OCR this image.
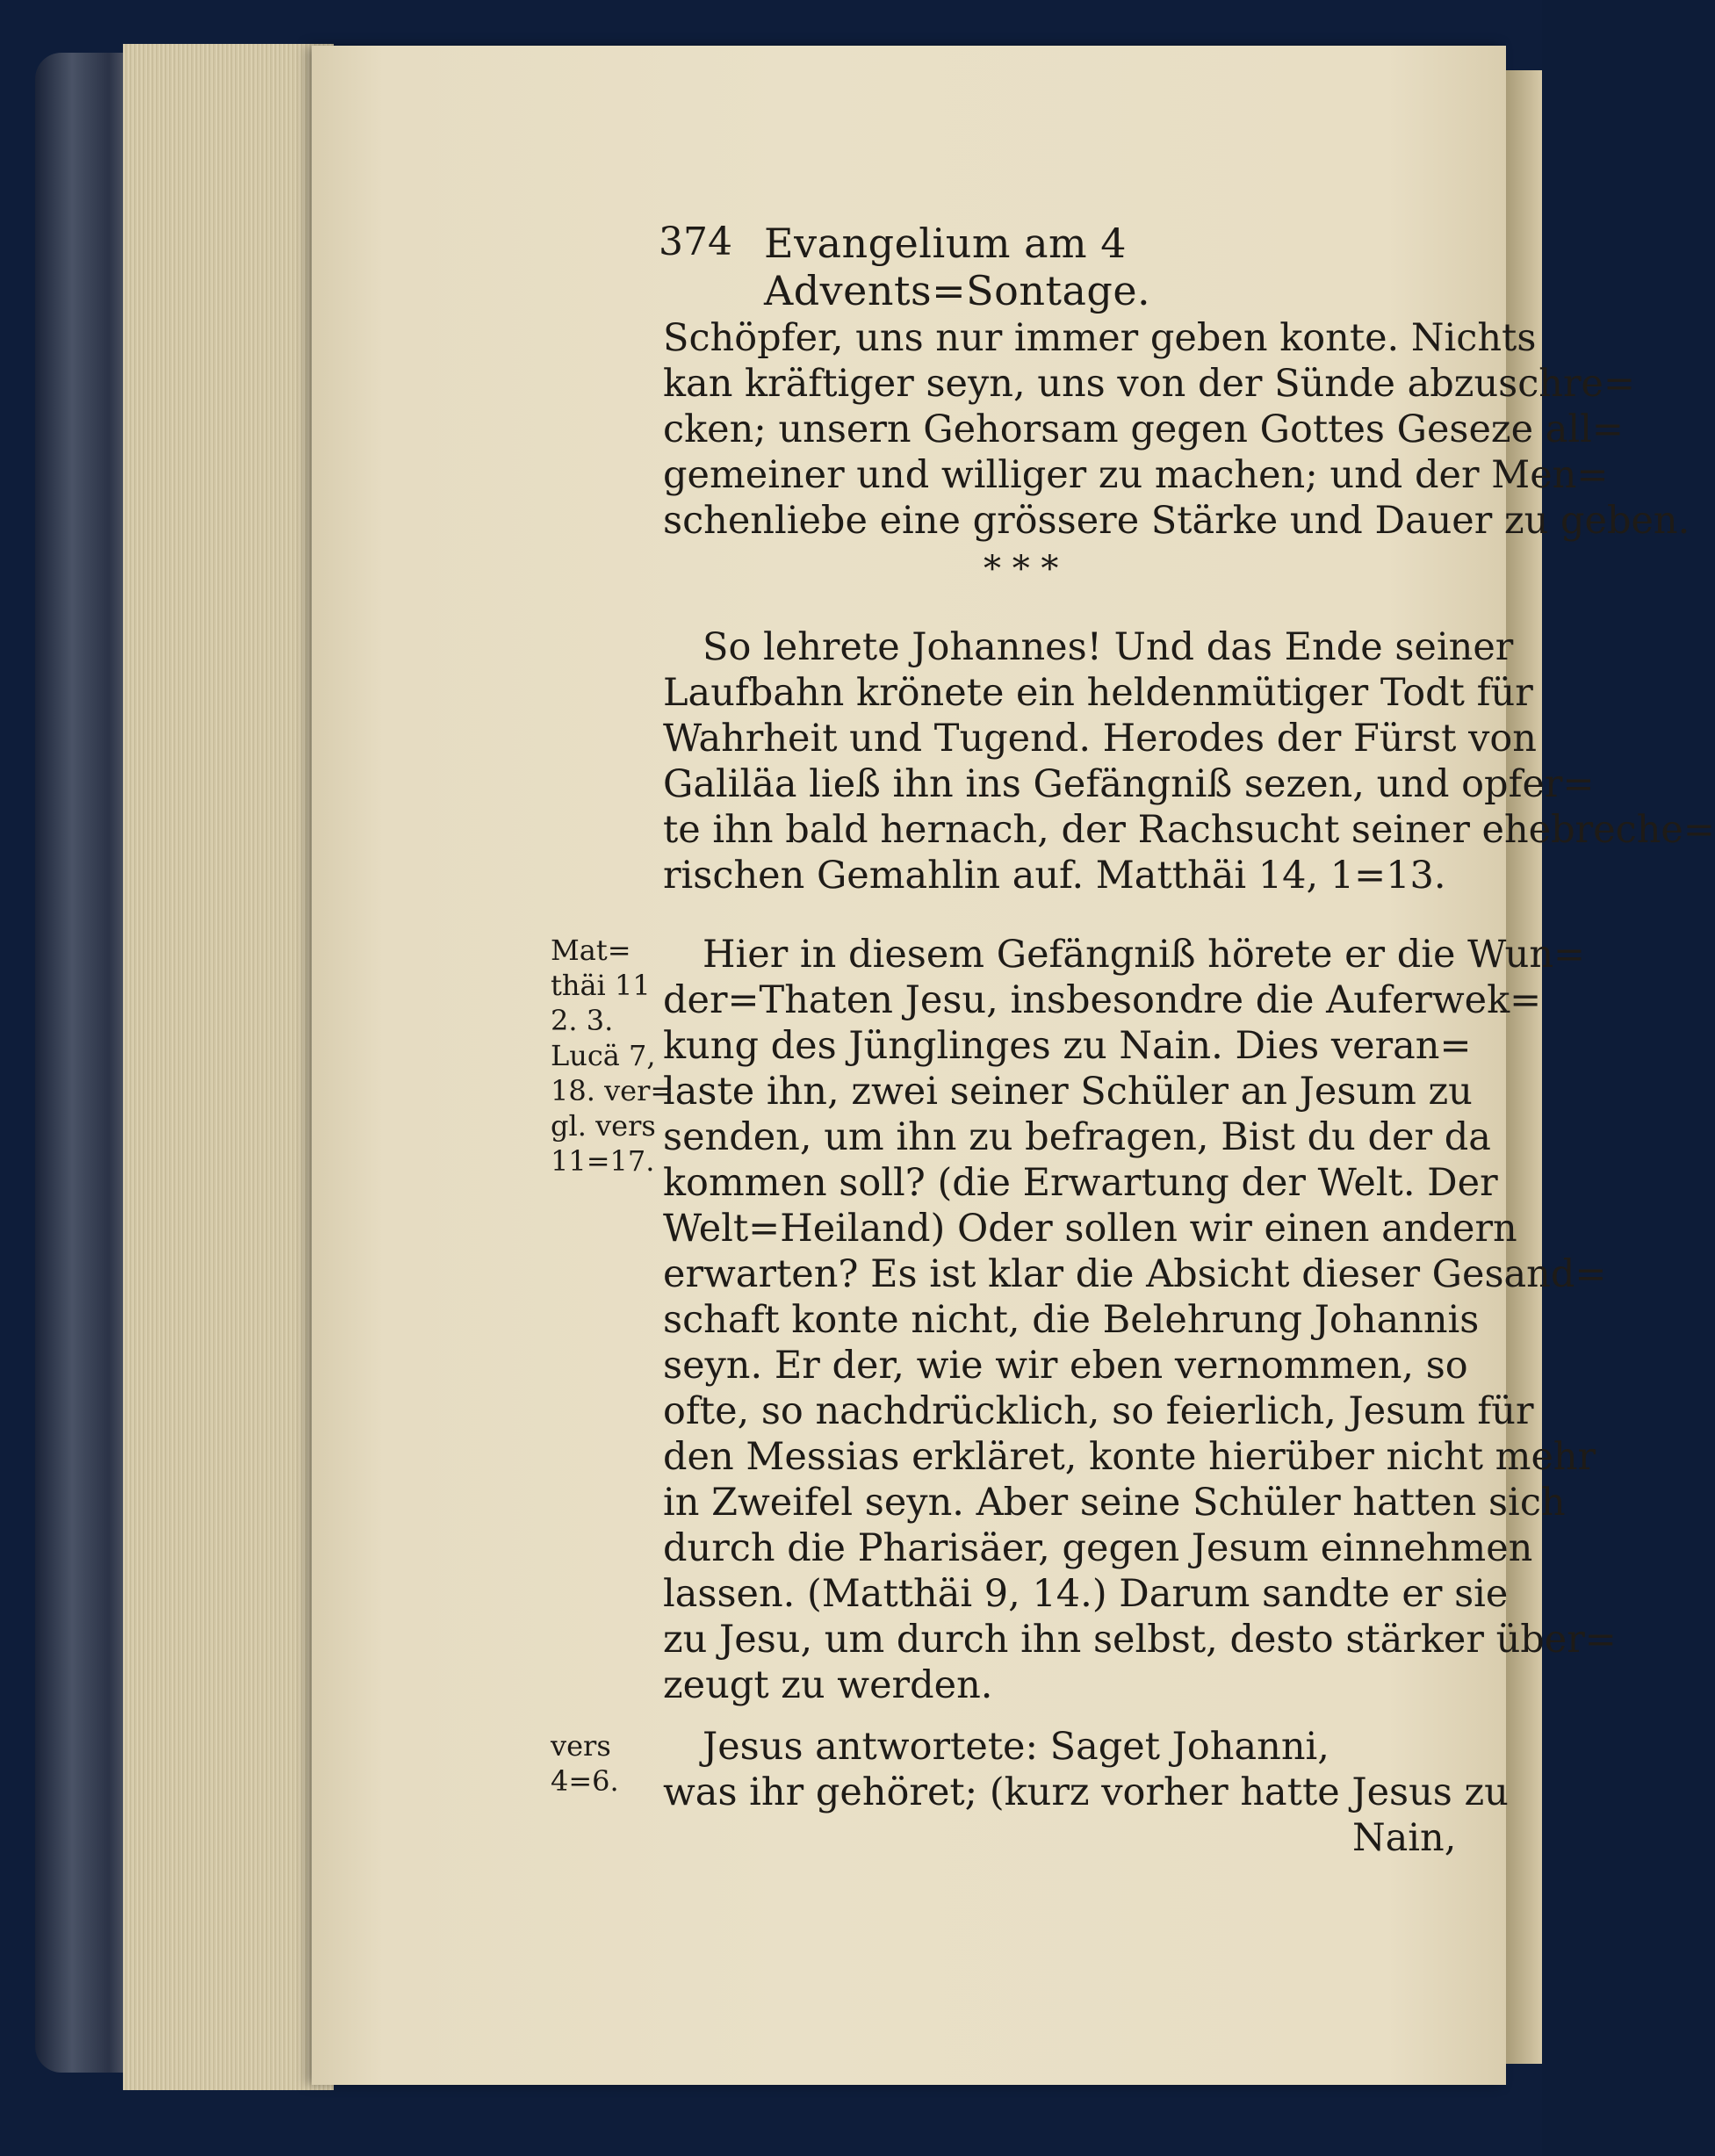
374 Evangelium am 4 Advents=Sontage.
Schöpfer, uns nur immer geben konte. Nichts
kan kräftiger seyn, uns von der Sünde abzuschre=
cken; unsern Gehorsam gegen Gottes Geseze all=
gemeiner und williger zu machen; und der Men=
schenliebe eine grössere Stärke und Dauer zu geben.
* * *
So lehrete Johannes! Und das Ende seiner
Laufbahn krönete ein heldenmütiger Todt für
Wahrheit und Tugend. Herodes der Fürst von
Galiläa ließ ihn ins Gefängniß sezen, und opfer=
te ihn bald hernach, der Rachsucht seiner ehebreche=
rischen Gemahlin auf. Matthäi 14, 1=13.
Mat=
thäi 11
2. 3.
Lucä 7,
18. ver=
gl. vers
11=17.
Hier in diesem Gefängniß hörete er die Wun=
der=Thaten Jesu, insbesondre die Auferwek=
kung des Jünglinges zu Nain. Dies veran=
laste ihn, zwei seiner Schüler an Jesum zu
senden, um ihn zu befragen, Bist du der da
kommen soll? (die Erwartung der Welt. Der
Welt=Heiland) Oder sollen wir einen andern
erwarten? Es ist klar die Absicht dieser Gesand=
schaft konte nicht, die Belehrung Johannis
seyn. Er der, wie wir eben vernommen, so
ofte, so nachdrücklich, so feierlich, Jesum für
den Messias erkläret, konte hierüber nicht mehr
in Zweifel seyn. Aber seine Schüler hatten sich
durch die Pharisäer, gegen Jesum einnehmen
lassen. (Matthäi 9, 14.) Darum sandte er sie
zu Jesu, um durch ihn selbst, desto stärker über=
zeugt zu werden.
vers
4=6.
Jesus antwortete: Saget Johanni,
was ihr gehöret; (kurz vorher hatte Jesus zu
Nain,
